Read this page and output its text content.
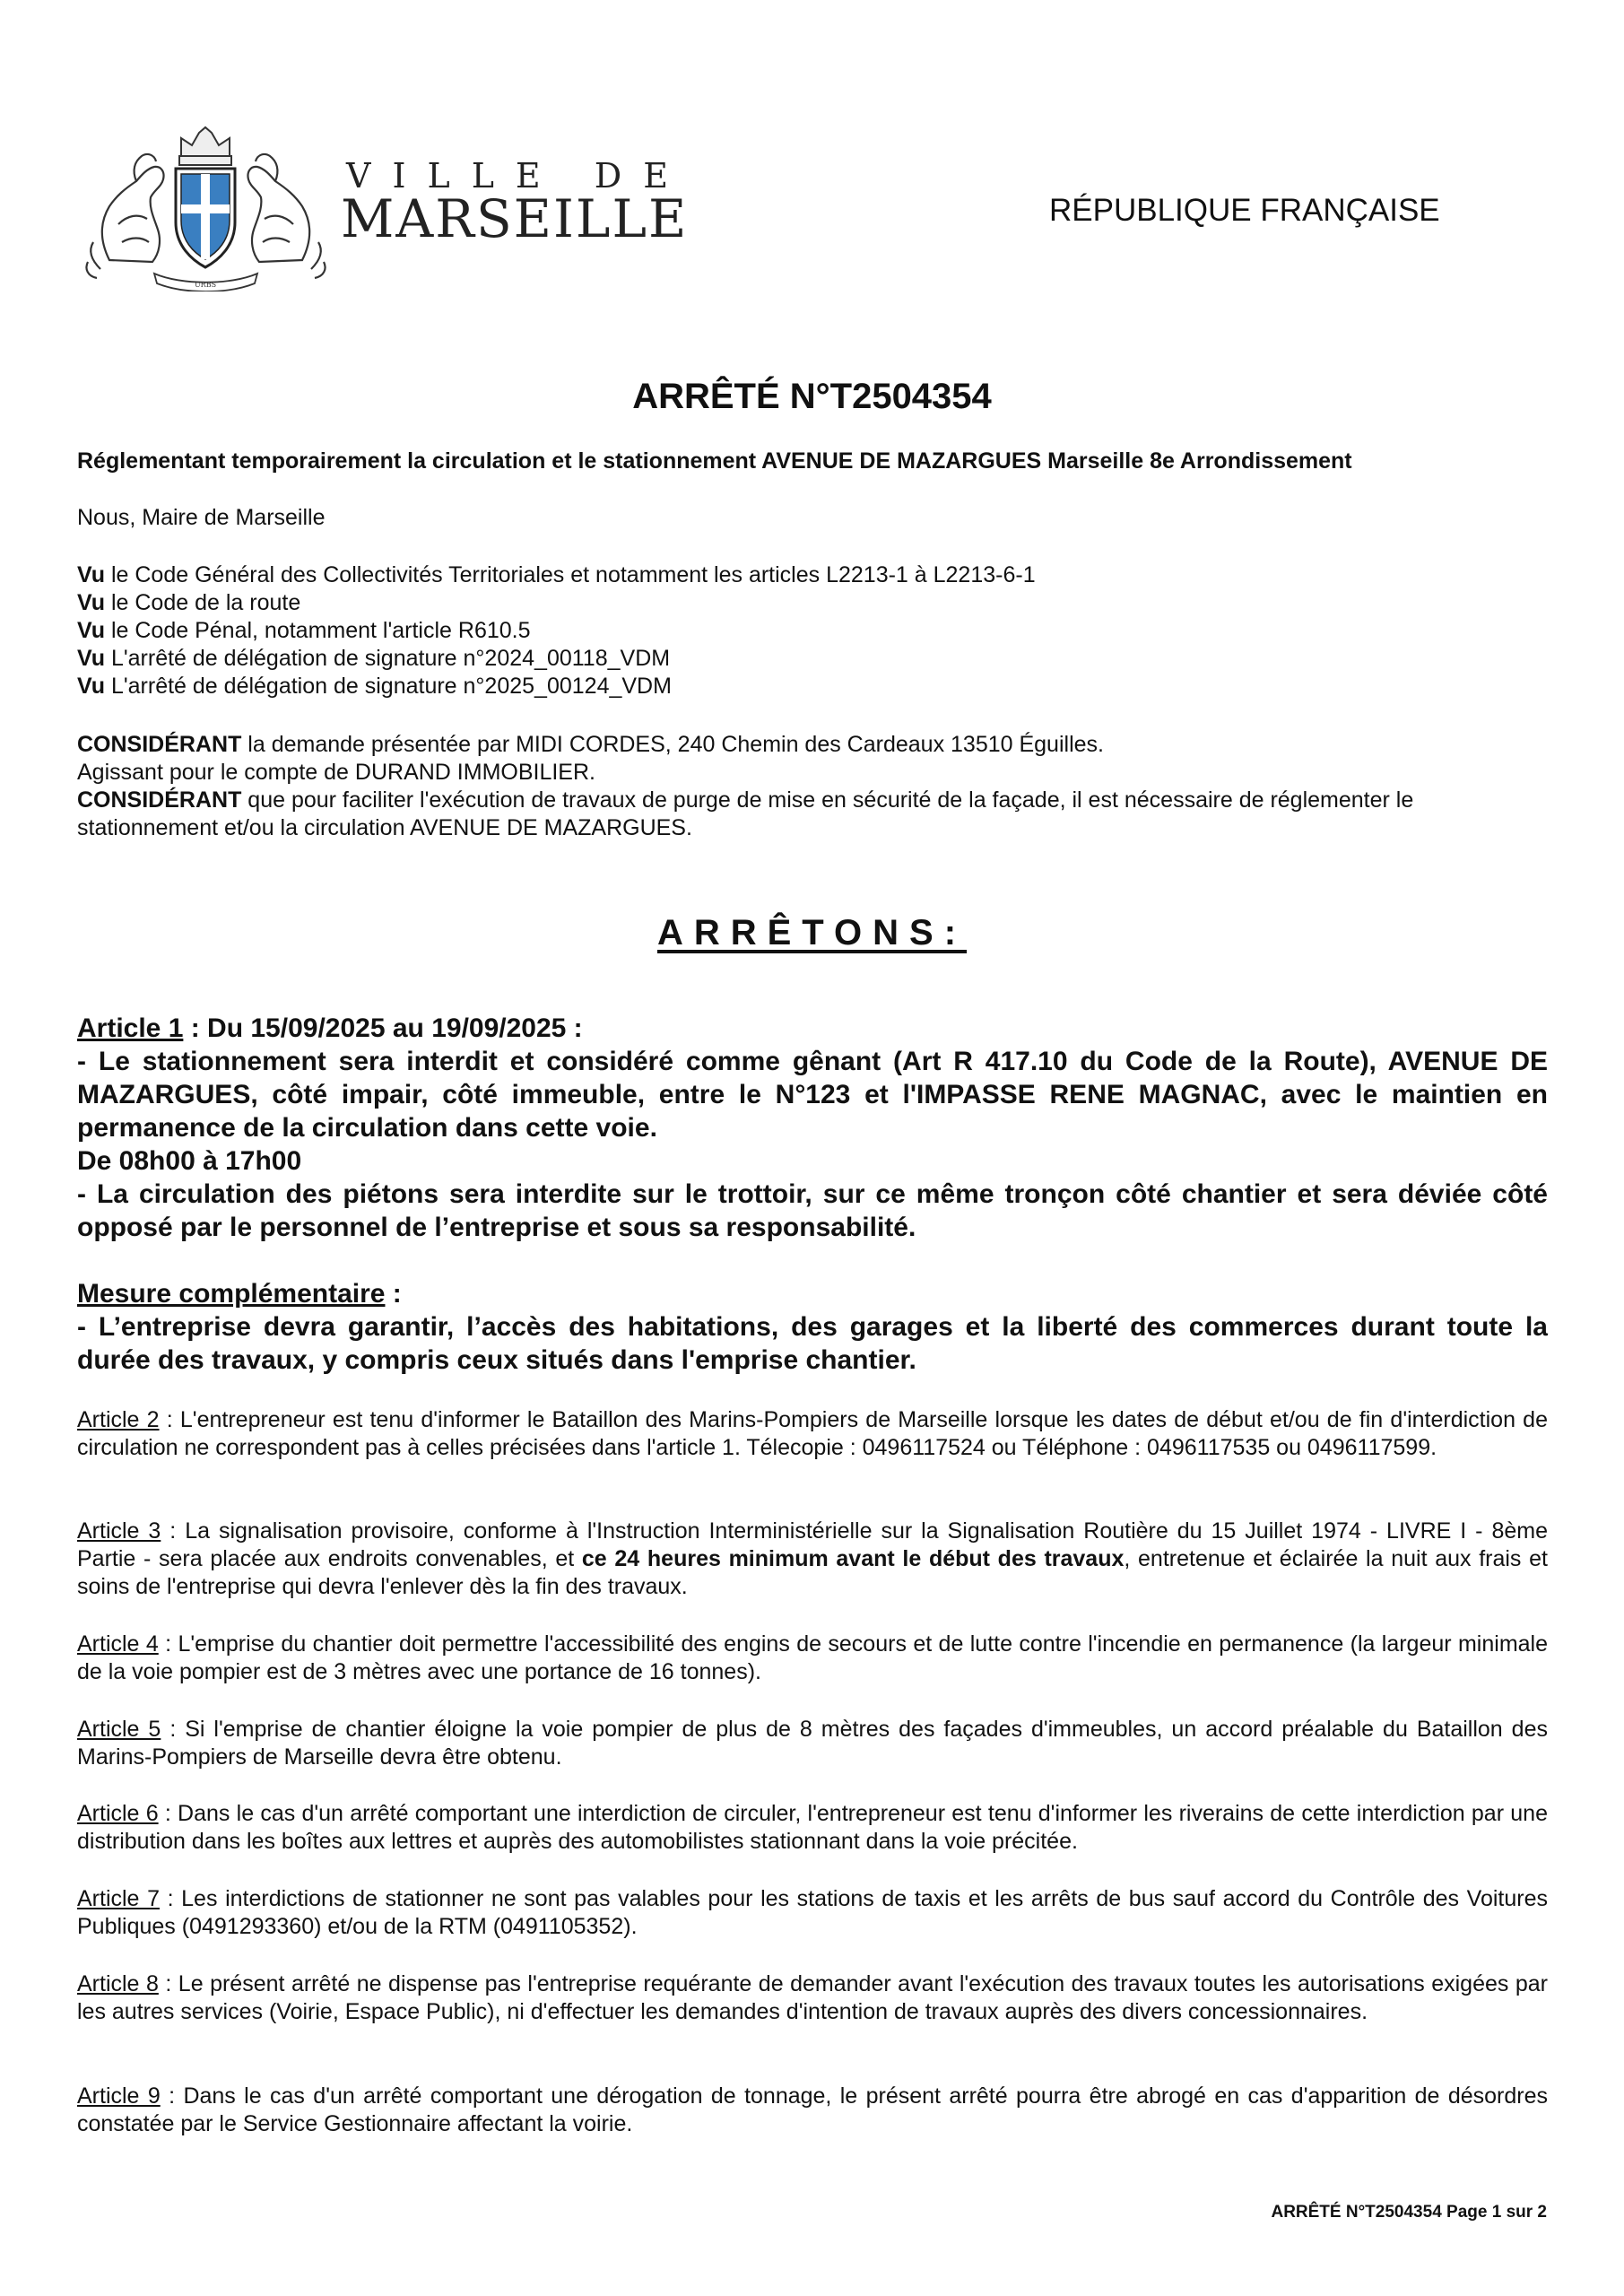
URBS
VILLE DE
MARSEILLE	RÉPUBLIQUE FRANÇAISE
ARRÊTÉ N°T2504354
Réglementant temporairement la circulation et le stationnement AVENUE DE MAZARGUES Marseille 8e Arrondissement
Nous, Maire de Marseille

Vu le Code Général des Collectivités Territoriales et notamment les articles L2213-1 à L2213-6-1

Vu le Code de la route

Vu le Code Pénal, notamment l'article R610.5

Vu L'arrêté de délégation de signature n°2024_00118_VDM

Vu L'arrêté de délégation de signature n°2025_00124_VDM

CONSIDÉRANT la demande présentée par MIDI CORDES, 240 Chemin des Cardeaux 13510 Éguilles.

Agissant pour le compte de DURAND IMMOBILIER.

CONSIDÉRANT que pour faciliter l'exécution de travaux de purge de mise en sécurité de la façade, il est nécessaire de réglementer le stationnement et/ou la circulation AVENUE DE MAZARGUES.

ARRÊTONS:

Article 1 : Du 15/09/2025 au 19/09/2025 :

- Le stationnement sera interdit et considéré comme gênant (Art R 417.10 du Code de la Route), AVENUE DE MAZARGUES, côté impair, côté immeuble, entre le N°123 et l'IMPASSE RENE MAGNAC, avec le maintien en permanence de la circulation dans cette voie.

De 08h00 à 17h00

- La circulation des piétons sera interdite sur le trottoir, sur ce même tronçon côté chantier et sera déviée côté opposé par le personnel de l’entreprise et sous sa responsabilité.

Mesure complémentaire :

- L’entreprise devra garantir, l’accès des habitations, des garages et la liberté des commerces durant toute la durée des travaux, y compris ceux situés dans l'emprise chantier.

Article 2 : L'entrepreneur est tenu d'informer le Bataillon des Marins-Pompiers de Marseille lorsque les dates de début et/ou de fin d'interdiction de circulation ne correspondent pas à celles précisées dans l'article 1. Télecopie : 0496117524 ou Téléphone : 0496117535 ou 0496117599.
Article 3 : La signalisation provisoire, conforme à l'Instruction Interministérielle sur la Signalisation Routière du 15 Juillet 1974 - LIVRE I - 8ème Partie - sera placée aux endroits convenables, et ce 24 heures minimum avant le début des travaux, entretenue et éclairée la nuit aux frais et soins de l'entreprise qui devra l'enlever dès la fin des travaux.
Article 4 : L'emprise du chantier doit permettre l'accessibilité des engins de secours et de lutte contre l'incendie en permanence (la largeur minimale de la voie pompier est de 3 mètres avec une portance de 16 tonnes).
Article 5 : Si l'emprise de chantier éloigne la voie pompier de plus de 8 mètres des façades d'immeubles, un accord préalable du Bataillon des Marins-Pompiers de Marseille devra être obtenu.
Article 6 : Dans le cas d'un arrêté comportant une interdiction de circuler, l'entrepreneur est tenu d'informer les riverains de cette interdiction par une distribution dans les boîtes aux lettres et auprès des automobilistes stationnant dans la voie précitée.
Article 7 : Les interdictions de stationner ne sont pas valables pour les stations de taxis et les arrêts de bus sauf accord du Contrôle des Voitures Publiques (0491293360) et/ou de la RTM (0491105352).
Article 8 : Le présent arrêté ne dispense pas l'entreprise requérante de demander avant l'exécution des travaux toutes les autorisations exigées par les autres services (Voirie, Espace Public), ni d'effectuer les demandes d'intention de travaux auprès des divers concessionnaires.
Article 9 : Dans le cas d'un arrêté comportant une dérogation de tonnage, le présent arrêté pourra être abrogé en cas d'apparition de désordres constatée par le Service Gestionnaire affectant la voirie.
ARRÊTÉ N°T2504354 Page 1 sur 2
